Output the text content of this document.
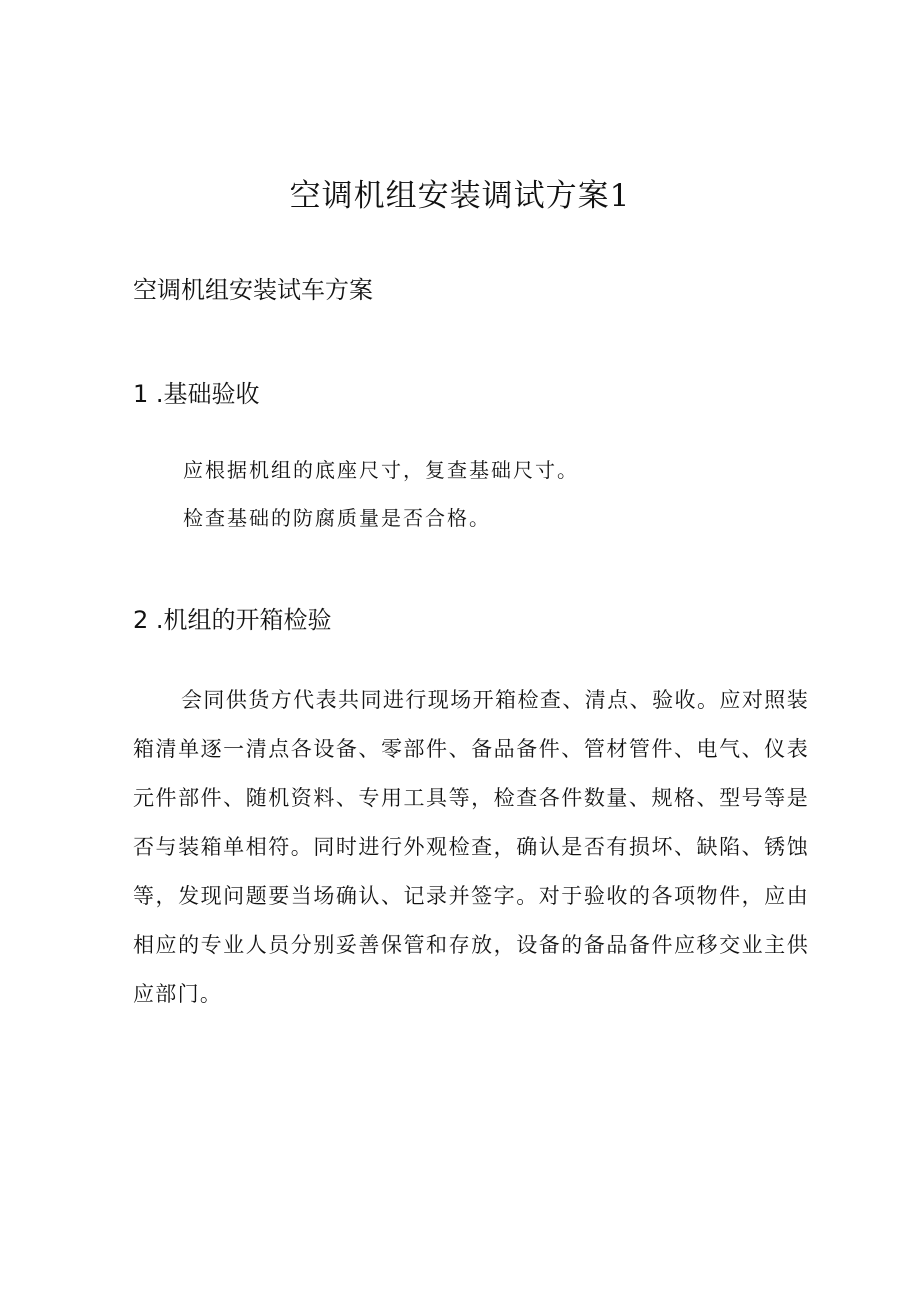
空调机组安装调试方案1
空调机组安装试车方案
1 .基础验收
应根据机组的底座尺寸，复查基础尺寸。
检查基础的防腐质量是否合格。
2 .机组的开箱检验

会同供货方代表共同进行现场开箱检查、清点、验收。应对照装箱清单逐一清点各设备、零部件、备品备件、管材管件、电气、仪表元件部件、随机资料、专用工具等，检查各件数量、规格、型号等是否与装箱单相符。同时进行外观检查，确认是否有损坏、缺陷、锈蚀等，发现问题要当场确认、记录并签字。对于验收的各项物件，应由相应的专业人员分别妥善保管和存放，设备的备品备件应移交业主供应部门。
